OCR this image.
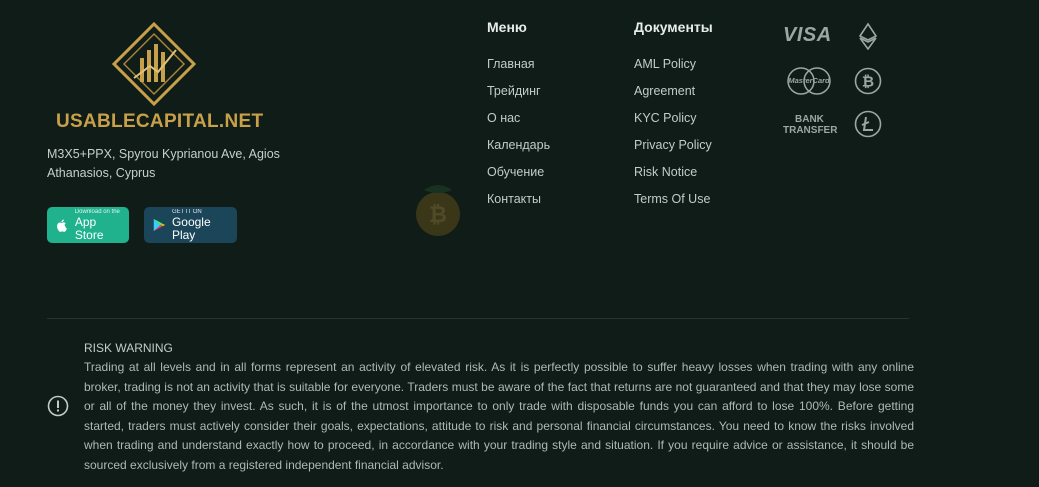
USABLECAPITAL.NET
M3X5+PPX, Spyrou Kyprianou Ave, Agios Athanasios, Cyprus
Download on the
App Store
GET IT ON
Google Play
₿
Меню
Главная
Трейдинг
О нас
Календарь
Обучение
Контакты
Документы
AML Policy
Agreement
KYC Policy
Privacy Policy
Risk Notice
Terms Of Use
VISA
MasterCard
BANK
TRANSFER
₿
RISK WARNING
Trading at all levels and in all forms represent an activity of elevated risk. As it is perfectly possible to suffer heavy losses when trading with any online broker, trading is not an activity that is suitable for everyone. Traders must be aware of the fact that returns are not guaranteed and that they may lose some or all of the money they invest. As such, it is of the utmost importance to only trade with disposable funds you can afford to lose 100%. Before getting started, traders must actively consider their goals, expectations, attitude to risk and personal financial circumstances. You need to know the risks involved when trading and understand exactly how to proceed, in accordance with your trading style and situation. If you require advice or assistance, it should be sourced exclusively from a registered independent financial advisor.
